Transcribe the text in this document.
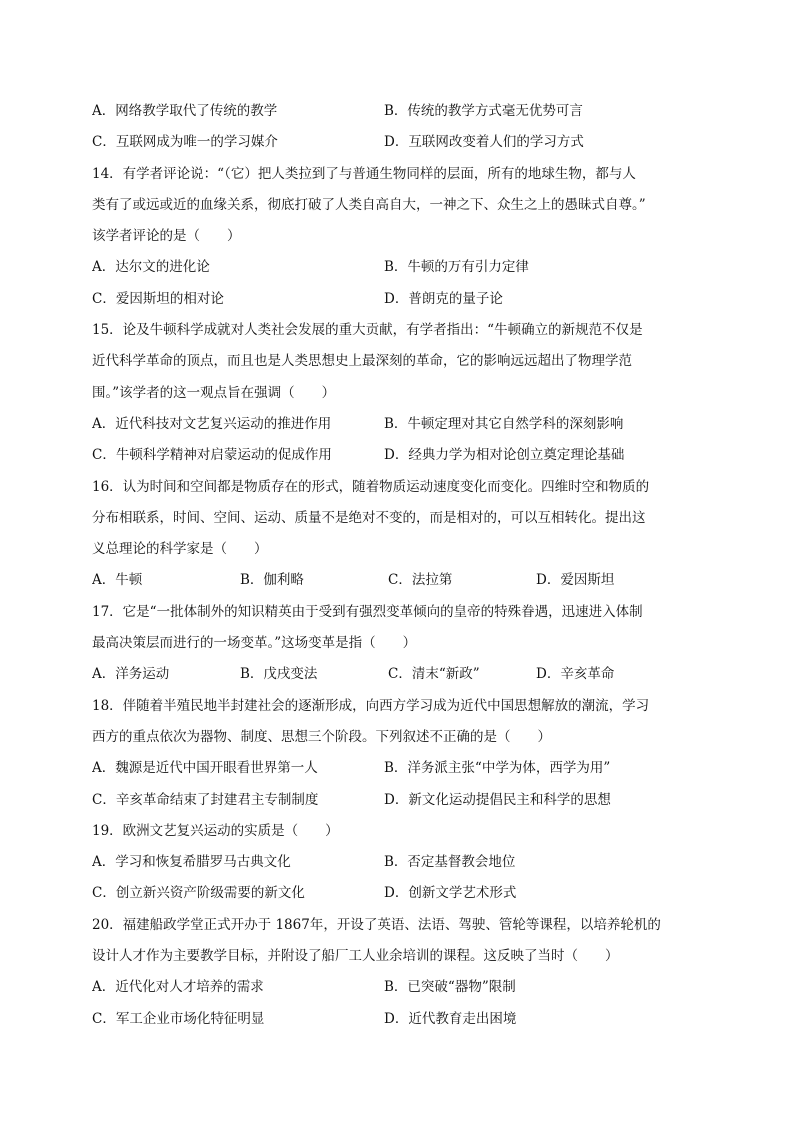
A．网络教学取代了传统的教学	B．传统的教学方式毫无优势可言
C．互联网成为唯一的学习媒介	D．互联网改变着人们的学习方式
14．有学者评论说：“（它）把人类拉到了与普通生物同样的层面，所有的地球生物，都与人
类有了或远或近的血缘关系，彻底打破了人类自高自大，一神之下、众生之上的愚昧式自尊。”
该学者评论的是（　　）
A．达尔文的进化论	B．牛顿的万有引力定律
C．爱因斯坦的相对论	D．普朗克的量子论
15．论及牛顿科学成就对人类社会发展的重大贡献，有学者指出：“牛顿确立的新规范不仅是
近代科学革命的顶点，而且也是人类思想史上最深刻的革命，它的影响远远超出了物理学范
围。”该学者的这一观点旨在强调（　　）
A．近代科技对文艺复兴运动的推进作用	B．牛顿定理对其它自然学科的深刻影响
C．牛顿科学精神对启蒙运动的促成作用	D．经典力学为相对论创立奠定理论基础
16．认为时间和空间都是物质存在的形式，随着物质运动速度变化而变化。四维时空和物质的
分布相联系，时间、空间、运动、质量不是绝对不变的，而是相对的，可以互相转化。提出这
义总理论的科学家是（　　）
A．牛顿	B．伽利略	C．法拉第	D．爱因斯坦
17．它是“一批体制外的知识精英由于受到有强烈变革倾向的皇帝的特殊眷遇，迅速进入体制
最高决策层而进行的一场变革。”这场变革是指（　　）
A．洋务运动	B．戊戌变法	C．清末“新政”	D．辛亥革命
18．伴随着半殖民地半封建社会的逐渐形成，向西方学习成为近代中国思想解放的潮流，学习
西方的重点依次为器物、制度、思想三个阶段。下列叙述不正确的是（　　）
A．魏源是近代中国开眼看世界第一人	B．洋务派主张“中学为体，西学为用”
C．辛亥革命结束了封建君主专制制度	D．新文化运动提倡民主和科学的思想
19．欧洲文艺复兴运动的实质是（　　）
A．学习和恢复希腊罗马古典文化	B．否定基督教会地位
C．创立新兴资产阶级需要的新文化	D．创新文学艺术形式
20．福建船政学堂正式开办于 1867年，开设了英语、法语、驾驶、管轮等课程，以培养轮机的
设计人才作为主要教学目标，并附设了船厂工人业余培训的课程。这反映了当时（　　）
A．近代化对人才培养的需求	B．已突破“器物”限制
C．军工企业市场化特征明显	D．近代教育走出困境
